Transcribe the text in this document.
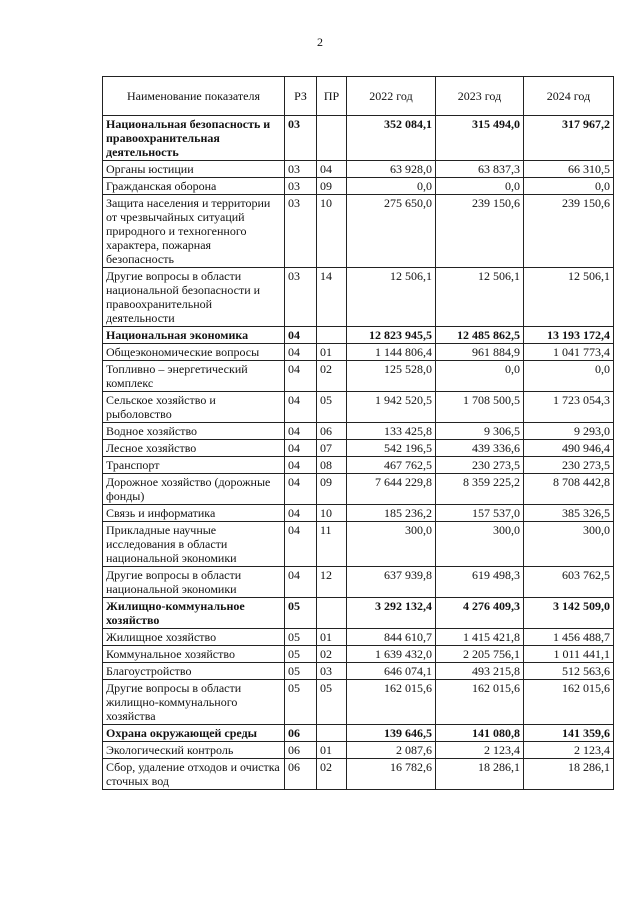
2
Наименование показателя	РЗ	ПР	2022 год	2023 год	2024 год
Национальная безопасность и правоохранительная деятельность	03		352 084,1	315 494,0	317 967,2
Органы юстиции	03	04	63 928,0	63 837,3	66 310,5
Гражданская оборона	03	09	0,0	0,0	0,0
Защита населения и территории от чрезвычайных ситуаций природного и техногенного характера, пожарная безопасность	03	10	275 650,0	239 150,6	239 150,6
Другие вопросы в области национальной безопасности и правоохранительной деятельности	03	14	12 506,1	12 506,1	12 506,1
Национальная экономика	04		12 823 945,5	12 485 862,5	13 193 172,4
Общеэкономические вопросы	04	01	1 144 806,4	961 884,9	1 041 773,4
Топливно – энергетический комплекс	04	02	125 528,0	0,0	0,0
Сельское хозяйство и рыболовство	04	05	1 942 520,5	1 708 500,5	1 723 054,3
Водное хозяйство	04	06	133 425,8	9 306,5	9 293,0
Лесное хозяйство	04	07	542 196,5	439 336,6	490 946,4
Транспорт	04	08	467 762,5	230 273,5	230 273,5
Дорожное хозяйство (дорожные фонды)	04	09	7 644 229,8	8 359 225,2	8 708 442,8
Связь и информатика	04	10	185 236,2	157 537,0	385 326,5
Прикладные научные исследования в области национальной экономики	04	11	300,0	300,0	300,0
Другие вопросы в области национальной экономики	04	12	637 939,8	619 498,3	603 762,5
Жилищно-коммунальное хозяйство	05		3 292 132,4	4 276 409,3	3 142 509,0
Жилищное хозяйство	05	01	844 610,7	1 415 421,8	1 456 488,7
Коммунальное хозяйство	05	02	1 639 432,0	2 205 756,1	1 011 441,1
Благоустройство	05	03	646 074,1	493 215,8	512 563,6
Другие вопросы в области жилищно-коммунального хозяйства	05	05	162 015,6	162 015,6	162 015,6
Охрана окружающей среды	06		139 646,5	141 080,8	141 359,6
Экологический контроль	06	01	2 087,6	2 123,4	2 123,4
Сбор, удаление отходов и очистка сточных вод	06	02	16 782,6	18 286,1	18 286,1
